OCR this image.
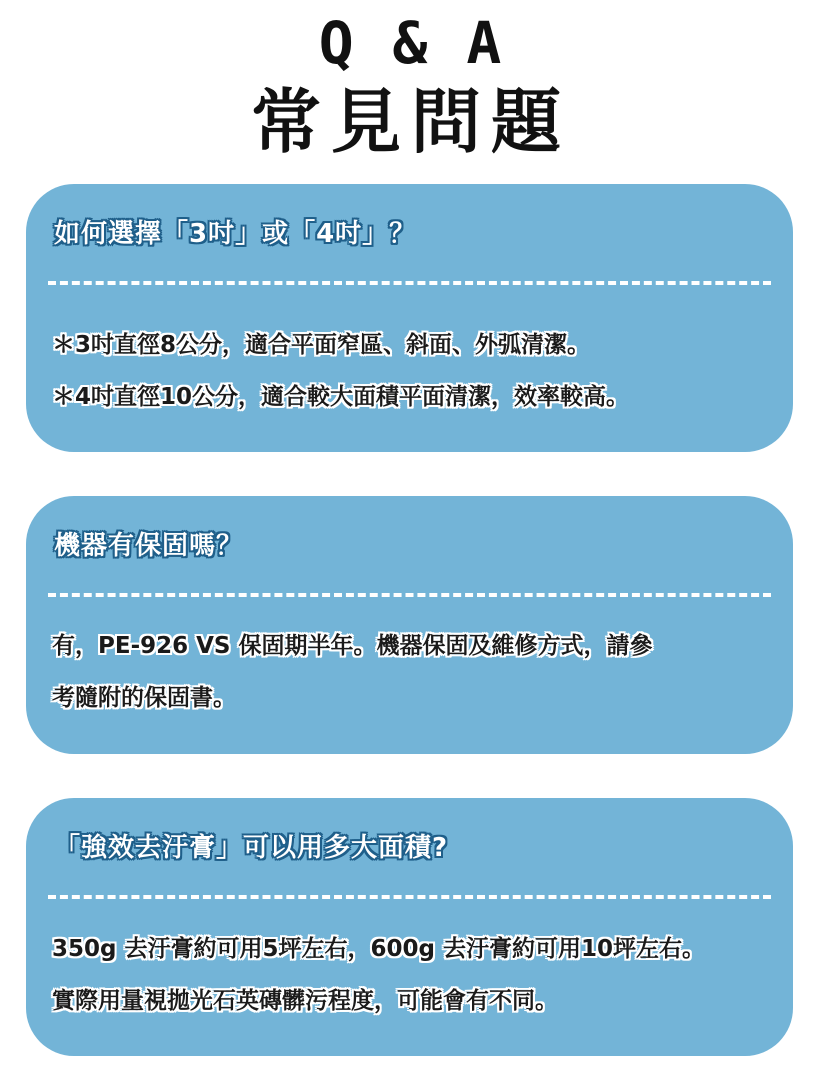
Q & A
常見問題
如何選擇「3吋」或「4吋」？
＊3吋直徑8公分，適合平面窄區、斜面、外弧清潔。
＊4吋直徑10公分，適合較大面積平面清潔，效率較高。
機器有保固嗎？
有，PE-926 VS 保固期半年。機器保固及維修方式，請參
考隨附的保固書。
「強效去汙膏」可以用多大面積?
350g 去汙膏約可用5坪左右，600g 去汙膏約可用10坪左右。
實際用量視拋光石英磚髒污程度，可能會有不同。
